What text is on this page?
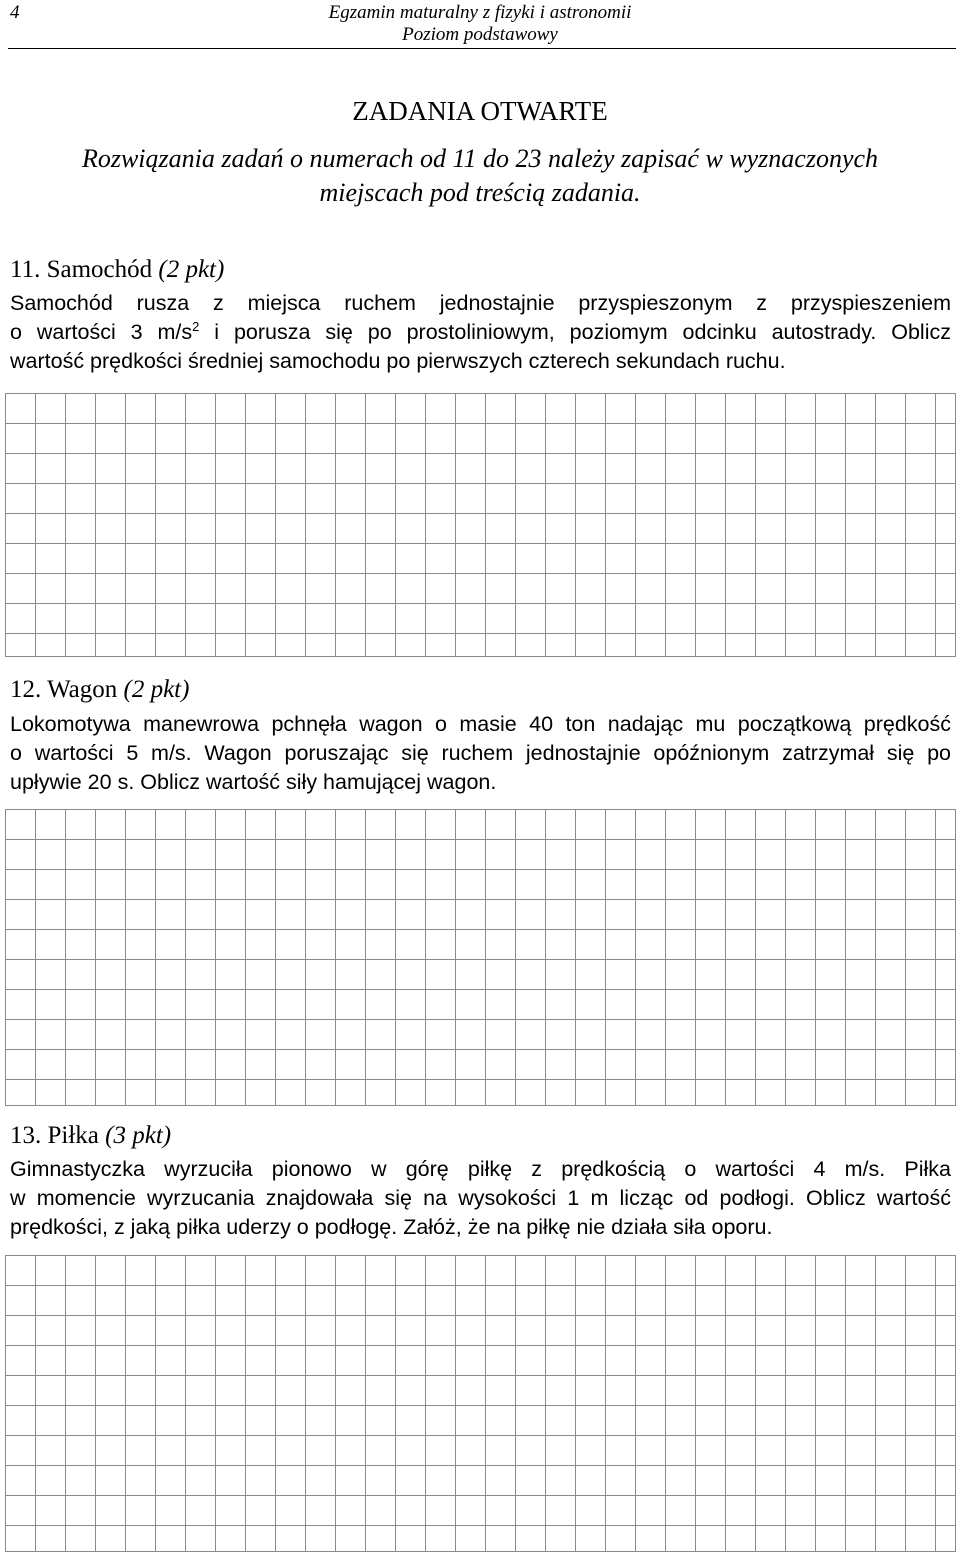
4	Egzamin maturalny z fizyki i astronomii
Poziom podstawowy
ZADANIA OTWARTE
Rozwiązania zadań o numerach od 11 do 23 należy zapisać w wyznaczonych
miejscach pod treścią zadania.
11. Samochód (2 pkt)

Samochód rusza z miejsca ruchem jednostajnie przyspieszonym z przyspieszeniem

o wartości 3 $m/s^2$ i porusza się po prostoliniowym, poziomym odcinku autostrady. Oblicz

wartość prędkości średniej samochodu po pierwszych czterech sekundach ruchu.

12. Wagon (2 pkt)

Lokomotywa manewrowa pchnęła wagon o masie 40 ton nadając mu początkową prędkość

o wartości 5 m/s. Wagon poruszając się ruchem jednostajnie opóźnionym zatrzymał się po

upływie 20 s. Oblicz wartość siły hamującej wagon.

13. Piłka (3 pkt)

Gimnastyczka wyrzuciła pionowo w górę piłkę z prędkością o wartości 4 m/s. Piłka

w momencie wyrzucania znajdowała się na wysokości 1 m licząc od podłogi. Oblicz wartość

prędkości, z jaką piłka uderzy o podłogę. Załóż, że na piłkę nie działa siła oporu.
